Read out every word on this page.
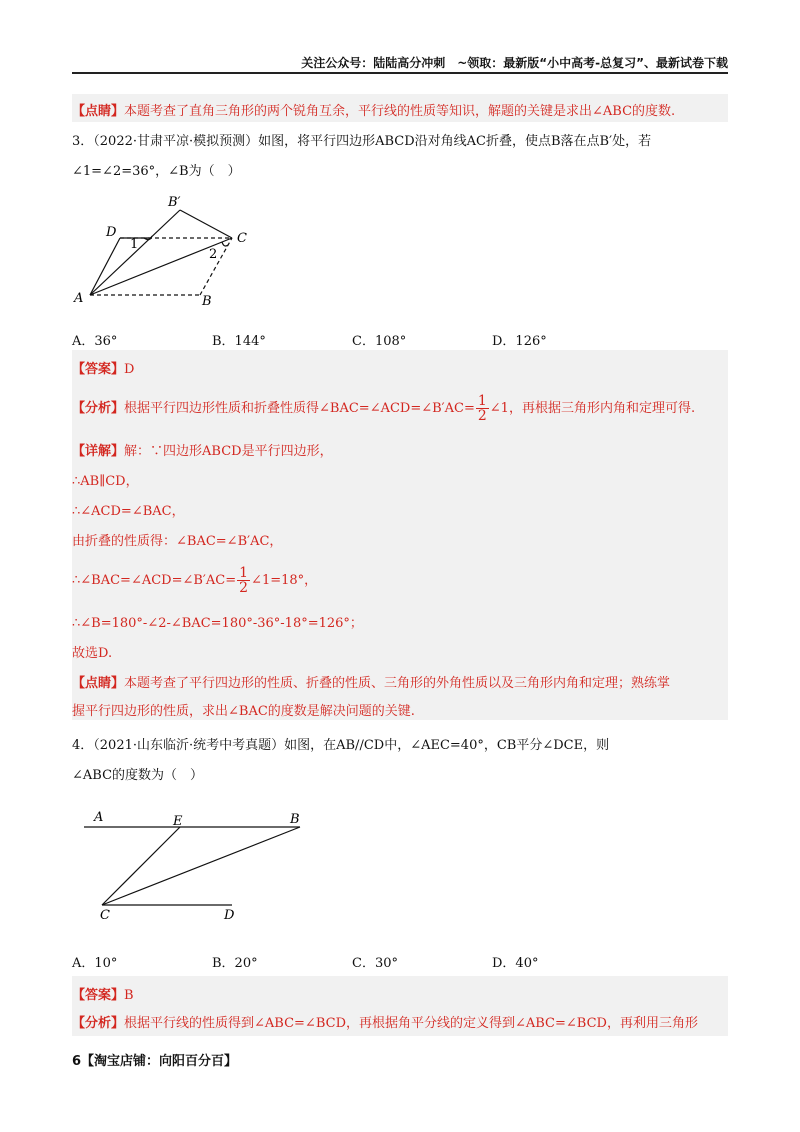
关注公众号：陆陆高分冲刺　~领取：最新版“小中高考-总复习”、最新试卷下载
【点睛】本题考查了直角三角形的两个锐角互余，平行线的性质等知识，解题的关键是求出∠ABC的度数.
3．（2022·甘肃平凉·模拟预测）如图，将平行四边形ABCD沿对角线AC折叠，使点B落在点B′处，若
∠1=∠2=36°，∠B为（　）
B′
D
1	C
2
A	B
A．36°	B．144°	C．108°	D．126°
【答案】D
【分析】根据平行四边形性质和折叠性质得∠BAC=∠ACD=∠B′AC= $\frac{1}{2}$ ∠1，再根据三角形内角和定理可得.
【详解】解：∵四边形ABCD是平行四边形，
∴AB∥CD，
∴∠ACD=∠BAC，
由折叠的性质得：∠BAC=∠B′AC，
∴∠BAC=∠ACD=∠B′AC= $\frac{1}{2}$ ∠1=18°，
∴∠B=180°-∠2-∠BAC=180°-36°-18°=126°；
故选D.
【点睛】本题考查了平行四边形的性质、折叠的性质、三角形的外角性质以及三角形内角和定理；熟练掌
握平行四边形的性质，求出∠BAC的度数是解决问题的关键.
4．（2021·山东临沂·统考中考真题）如图，在AB//CD中，∠AEC=40°，CB平分∠DCE，则
∠ABC的度数为（　）
A	E	B
C	D
A．10°	B．20°	C．30°	D．40°
【答案】B
【分析】根据平行线的性质得到∠ABC=∠BCD，再根据角平分线的定义得到∠ABC=∠BCD，再利用三角形
6【淘宝店铺：向阳百分百】
